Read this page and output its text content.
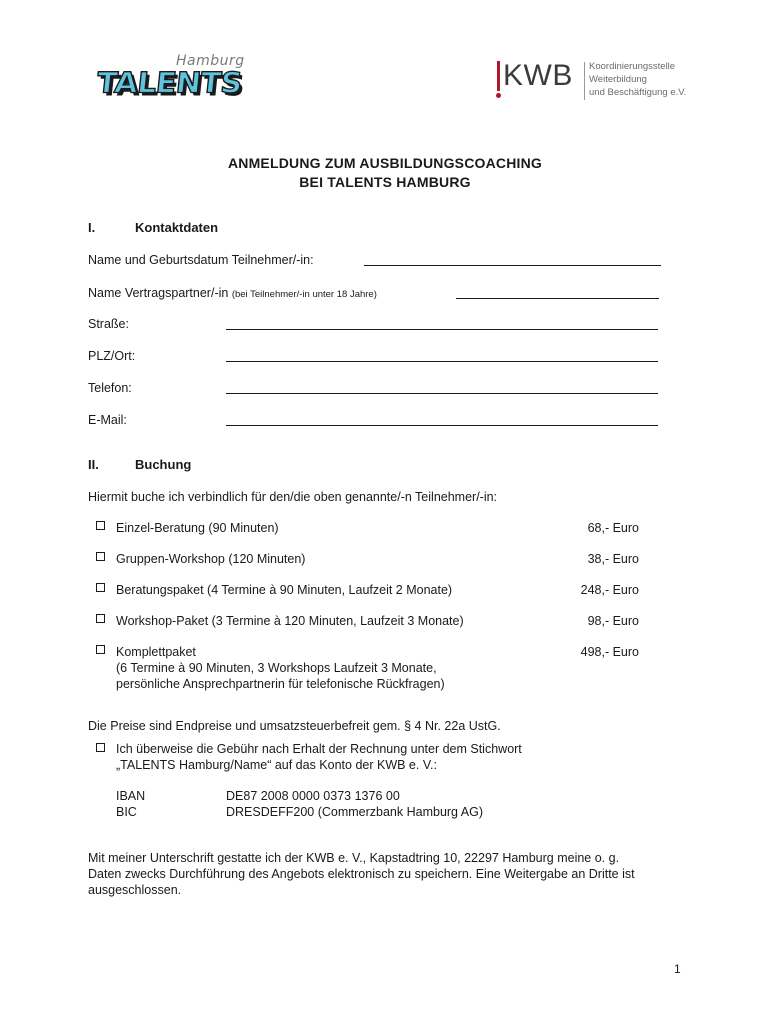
Hamburg
TALENTS	KWB Koordinierungsstelle
Weiterbildung
und Beschäftigung e.V.
ANMELDUNG ZUM AUSBILDUNGSCOACHING
BEI TALENTS HAMBURG
I.	Kontaktdaten
Name und Geburtsdatum Teilnehmer/-in:
Name Vertragspartner/-in (bei Teilnehmer/-in unter 18 Jahre)
Straße:
PLZ/Ort:
Telefon:
E-Mail:
II.	Buchung
Hiermit buche ich verbindlich für den/die oben genannte/-n Teilnehmer/-in:
Einzel-Beratung (90 Minuten)	68,- Euro
Gruppen-Workshop (120 Minuten)	38,- Euro
Beratungspaket (4 Termine à 90 Minuten, Laufzeit 2 Monate)	248,- Euro
Workshop-Paket (3 Termine à 120 Minuten, Laufzeit 3 Monate)	98,- Euro
Komplettpaket	498,- Euro
(6 Termine à 90 Minuten, 3 Workshops Laufzeit 3 Monate,
persönliche Ansprechpartnerin für telefonische Rückfragen)
Die Preise sind Endpreise und umsatzsteuerbefreit gem. § 4 Nr. 22a UstG.
Ich überweise die Gebühr nach Erhalt der Rechnung unter dem Stichwort
„TALENTS Hamburg/Name“ auf das Konto der KWB e. V.:
IBAN	DE87 2008 0000 0373 1376 00
BIC	DRESDEFF200 (Commerzbank Hamburg AG)
Mit meiner Unterschrift gestatte ich der KWB e. V., Kapstadtring 10, 22297 Hamburg meine o. g.
Daten zwecks Durchführung des Angebots elektronisch zu speichern. Eine Weitergabe an Dritte ist
ausgeschlossen.
1
